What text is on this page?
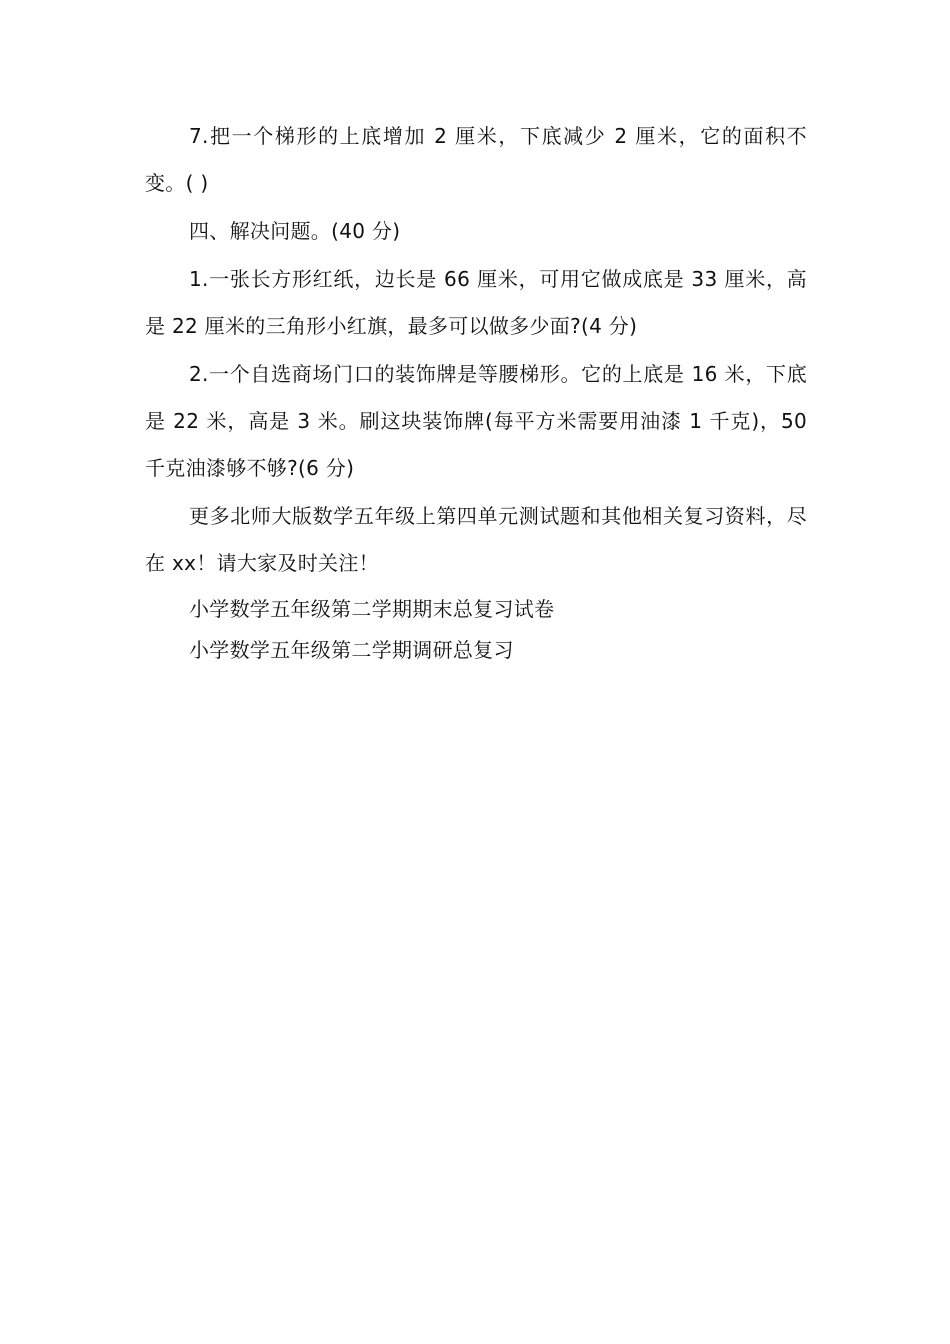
7.把一个梯形的上底增加 2 厘米，下底减少 2 厘米，它的面积不变。( )

四、解决问题。(40 分)

1.一张长方形红纸，边长是 66 厘米，可用它做成底是 33 厘米，高是 22 厘米的三角形小红旗，最多可以做多少面?(4 分)

2.一个自选商场门口的装饰牌是等腰梯形。它的上底是 16 米，下底是 22 米，高是 3 米。刷这块装饰牌(每平方米需要用油漆 1 千克)，50 千克油漆够不够?(6 分)

更多北师大版数学五年级上第四单元测试题和其他相关复习资料，尽在 xx！请大家及时关注！

小学数学五年级第二学期期末总复习试卷

小学数学五年级第二学期调研总复习
